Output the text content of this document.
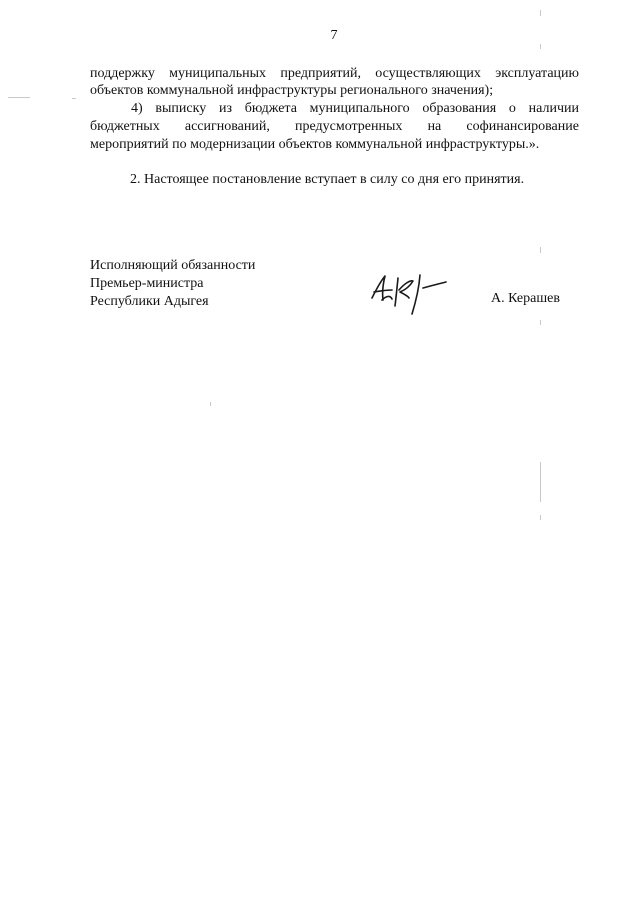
7
поддержку муниципальных предприятий, осуществляющих эксплуатацию
объектов коммунальной инфраструктуры регионального значения);
4) выписку из бюджета муниципального образования о наличии
бюджетных ассигнований, предусмотренных на софинансирование
мероприятий по модернизации объектов коммунальной инфраструктуры.».
2. Настоящее постановление вступает в силу со дня его принятия.
Исполняющий обязанности
Премьер-министра
Республики Адыгея	А. Керашев
